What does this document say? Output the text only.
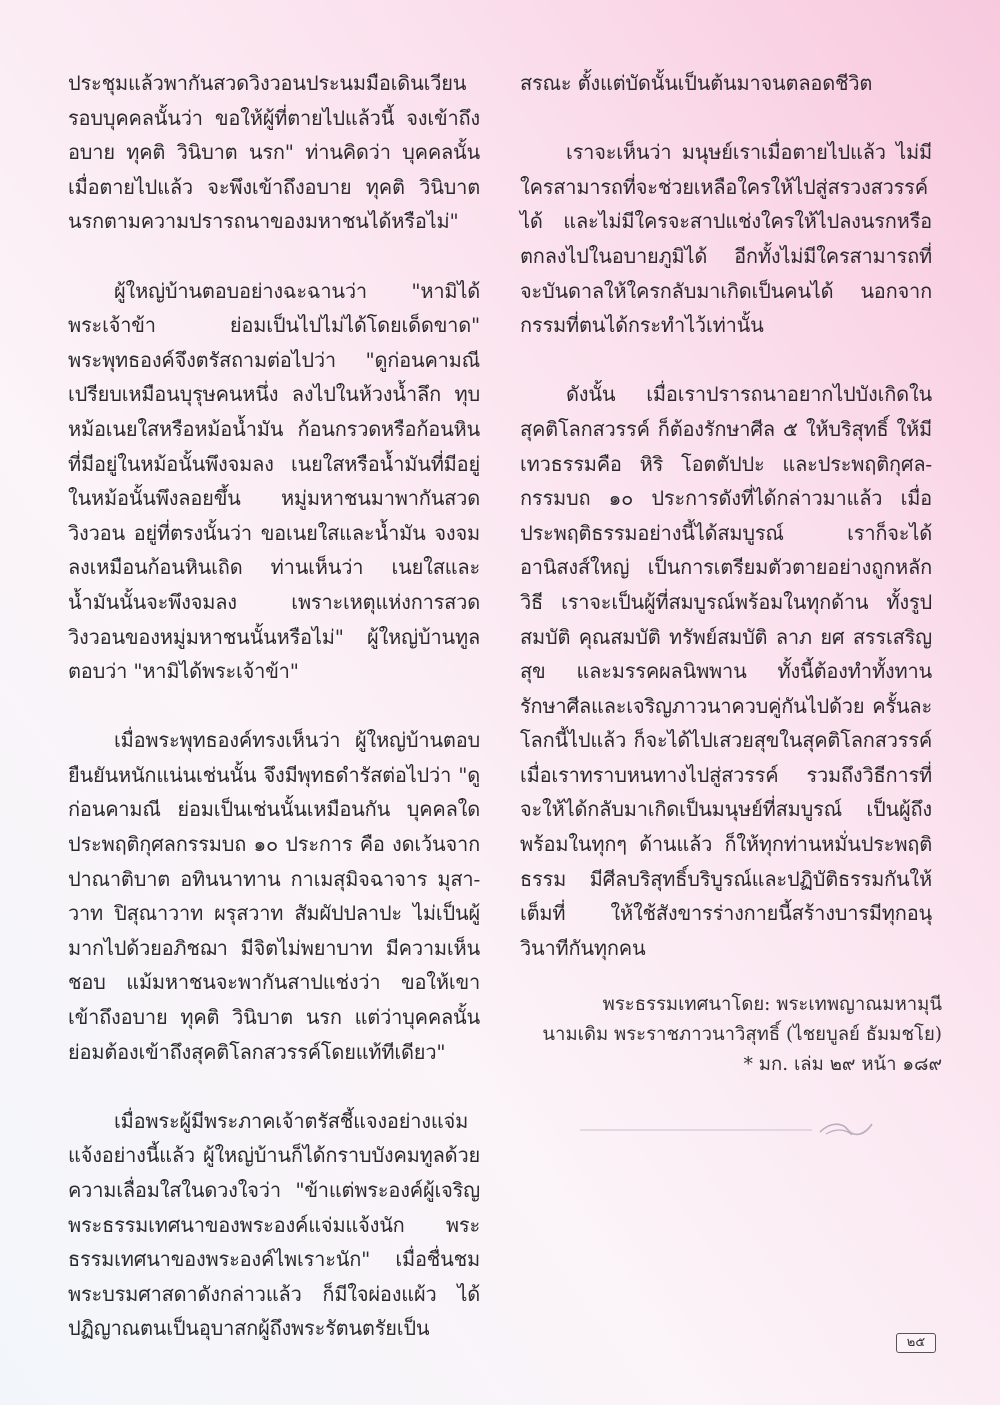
ประชุมแล้วพากันสวดวิงวอนประนมมือเดินเวียนรอบบุคคลนั้นว่า ขอให้ผู้ที่ตายไปแล้วนี้ จงเข้าถึงอบาย ทุคติ วินิบาต นรก" ท่านคิดว่า บุคคลนั้น เมื่อตายไปแล้ว จะพึงเข้าถึงอบาย ทุคติ วินิบาต นรกตามความปรารถนาของมหาชนได้หรือไม่"

ผู้ใหญ่บ้านตอบอย่างฉะฉานว่า "หามิได้พระเจ้าข้า ย่อมเป็นไปไม่ได้โดยเด็ดขาด" พระพุทธองค์จึงตรัสถามต่อไปว่า "ดูก่อนคามณี เปรียบเหมือนบุรุษคนหนึ่ง ลงไปในห้วงน้ำลึก ทุบหม้อเนยใสหรือหม้อน้ำมัน ก้อนกรวดหรือก้อนหินที่มีอยู่ในหม้อนั้นพึงจมลง เนยใสหรือน้ำมันที่มีอยู่ในหม้อนั้นพึงลอยขึ้น หมู่มหาชนมาพากันสวดวิงวอน อยู่ที่ตรงนั้นว่า ขอเนยใสและน้ำมัน จงจมลงเหมือนก้อนหินเถิด ท่านเห็นว่า เนยใสและน้ำมันนั้นจะพึงจมลง เพราะเหตุแห่งการสวดวิงวอนของหมู่มหาชนนั้นหรือไม่" ผู้ใหญ่บ้านทูลตอบว่า "หามิได้พระเจ้าข้า"

เมื่อพระพุทธองค์ทรงเห็นว่า ผู้ใหญ่บ้านตอบยืนยันหนักแน่นเช่นนั้น จึงมีพุทธดำรัสต่อไปว่า "ดูก่อนคามณี ย่อมเป็นเช่นนั้นเหมือนกัน บุคคลใดประพฤติกุศลกรรมบถ ๑๐ ประการ คือ งดเว้นจากปาณาติบาต อทินนาทาน กาเมสุมิจฉาจาร มุสา-วาท ปิสุณาวาท ผรุสวาท สัมผัปปลาปะ ไม่เป็นผู้มากไปด้วยอภิชฌา มีจิตไม่พยาบาท มีความเห็นชอบ แม้มหาชนจะพากันสาปแช่งว่า ขอให้เขาเข้าถึงอบาย ทุคติ วินิบาต นรก แต่ว่าบุคคลนั้น ย่อมต้องเข้าถึงสุคติโลกสวรรค์โดยแท้ทีเดียว"

เมื่อพระผู้มีพระภาคเจ้าตรัสชี้แจงอย่างแจ่มแจ้งอย่างนี้แล้ว ผู้ใหญ่บ้านก็ได้กราบบังคมทูลด้วยความเลื่อมใสในดวงใจว่า "ข้าแต่พระองค์ผู้เจริญ พระธรรมเทศนาของพระองค์แจ่มแจ้งนัก พระธรรมเทศนาของพระองค์ไพเราะนัก" เมื่อชื่นชมพระบรมศาสดาดังกล่าวแล้ว ก็มีใจผ่องแผ้ว ได้ปฏิญาณตนเป็นอุบาสกผู้ถึงพระรัตนตรัยเป็น

สรณะ ตั้งแต่บัดนั้นเป็นต้นมาจนตลอดชีวิต

เราจะเห็นว่า มนุษย์เราเมื่อตายไปแล้ว ไม่มีใครสามารถที่จะช่วยเหลือใครให้ไปสู่สรวงสวรรค์ได้ และไม่มีใครจะสาปแช่งใครให้ไปลงนรกหรือตกลงไปในอบายภูมิได้ อีกทั้งไม่มีใครสามารถที่จะบันดาลให้ใครกลับมาเกิดเป็นคนได้ นอกจากกรรมที่ตนได้กระทำไว้เท่านั้น

ดังนั้น เมื่อเราปรารถนาอยากไปบังเกิดในสุคติโลกสวรรค์ ก็ต้องรักษาศีล ๕ ให้บริสุทธิ์ ให้มีเทวธรรมคือ หิริ โอตตัปปะ และประพฤติกุศล-กรรมบถ ๑๐ ประการดังที่ได้กล่าวมาแล้ว เมื่อประพฤติธรรมอย่างนี้ได้สมบูรณ์ เราก็จะได้อานิสงส์ใหญ่ เป็นการเตรียมตัวตายอย่างถูกหลักวิธี เราจะเป็นผู้ที่สมบูรณ์พร้อมในทุกด้าน ทั้งรูปสมบัติ คุณสมบัติ ทรัพย์สมบัติ ลาภ ยศ สรรเสริญสุข และมรรคผลนิพพาน ทั้งนี้ต้องทำทั้งทาน รักษาศีลและเจริญภาวนาควบคู่กันไปด้วย ครั้นละโลกนี้ไปแล้ว ก็จะได้ไปเสวยสุขในสุคติโลกสวรรค์ เมื่อเราทราบหนทางไปสู่สวรรค์ รวมถึงวิธีการที่จะให้ได้กลับมาเกิดเป็นมนุษย์ที่สมบูรณ์ เป็นผู้ถึงพร้อมในทุกๆ ด้านแล้ว ก็ให้ทุกท่านหมั่นประพฤติธรรม มีศีลบริสุทธิ์บริบูรณ์และปฏิบัติธรรมกันให้เต็มที่ ให้ใช้สังขารร่างกายนี้สร้างบารมีทุกอนุวินาทีกันทุกคน

พระธรรมเทศนาโดย: พระเทพญาณมหามุนี
นามเดิม พระราชภาวนาวิสุทธิ์ (ไชยบูลย์ ธัมมชโย)
* มก. เล่ม ๒๙ หน้า ๑๘๙
๒๕
